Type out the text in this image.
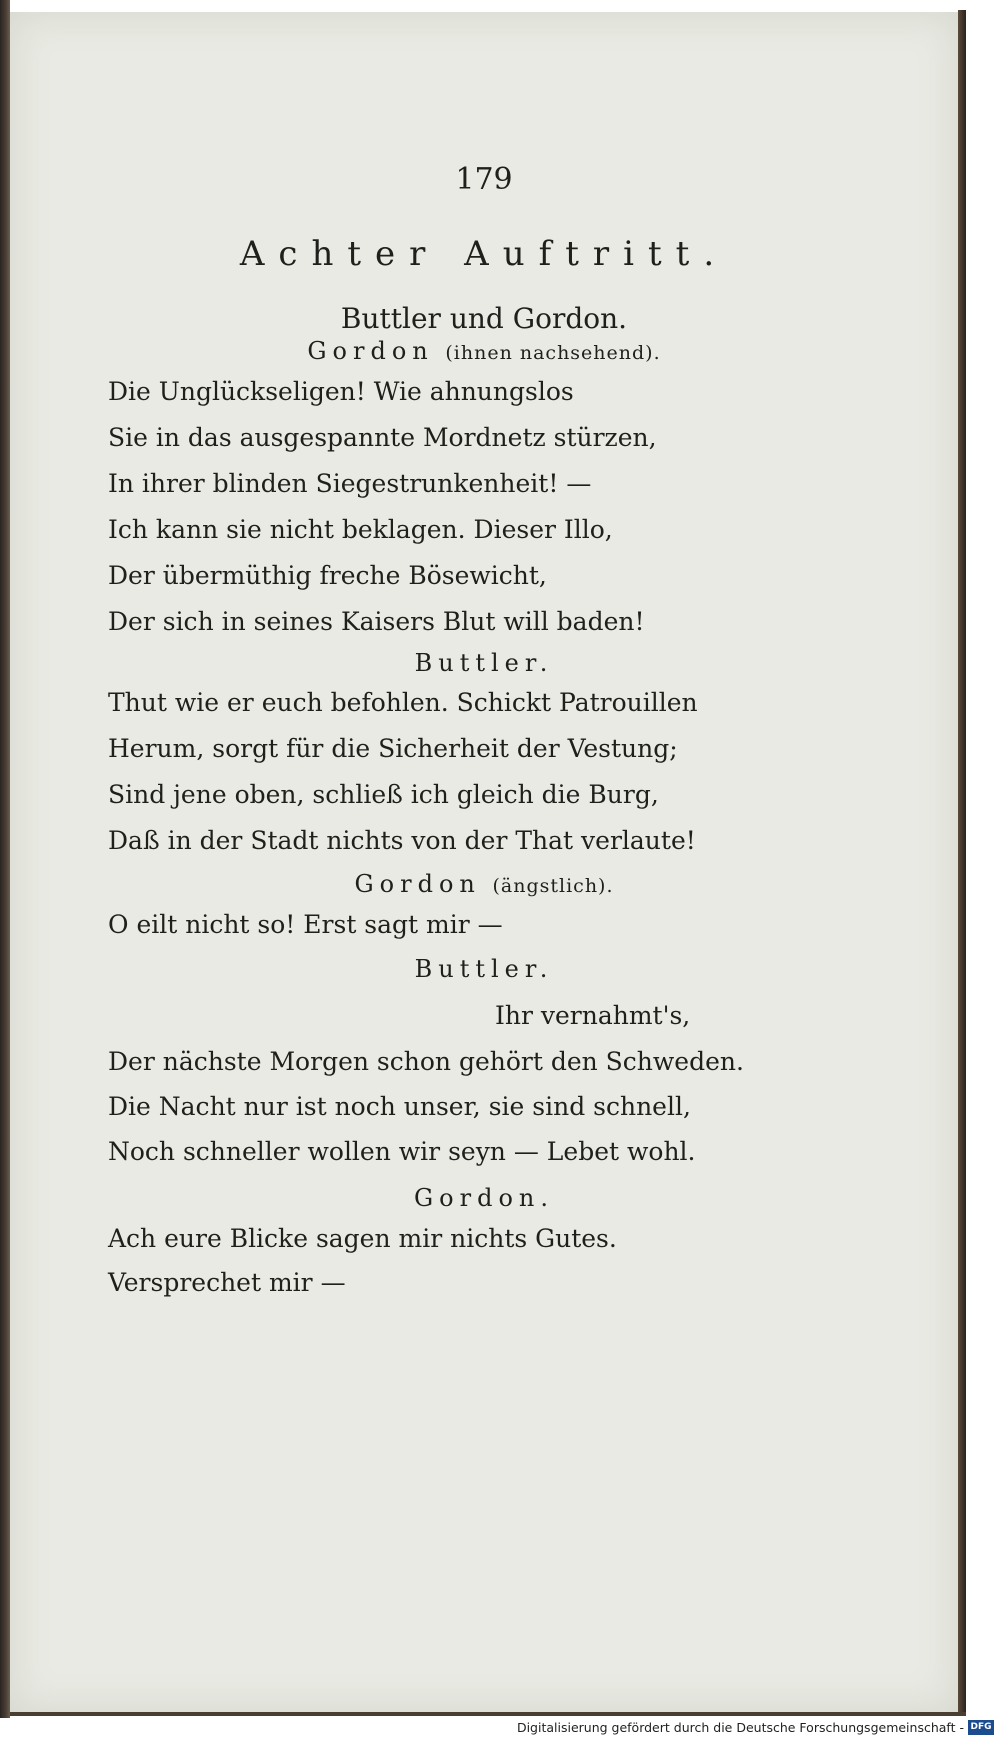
179
Achter Auftritt.
Buttler und Gordon.
Gordon (ihnen nachsehend).
Die Unglückseligen! Wie ahnungslos
Sie in das ausgespannte Mordnetz stürzen,
In ihrer blinden Siegestrunkenheit! —
Ich kann sie nicht beklagen. Dieser Illo,
Der übermüthig freche Bösewicht,
Der sich in seines Kaisers Blut will baden!
Buttler.
Thut wie er euch befohlen. Schickt Patrouillen
Herum, sorgt für die Sicherheit der Vestung;
Sind jene oben, schließ ich gleich die Burg,
Daß in der Stadt nichts von der That verlaute!
Gordon (ängstlich).
O eilt nicht so! Erst sagt mir —
Buttler.
Ihr vernahmt's,
Der nächste Morgen schon gehört den Schweden.
Die Nacht nur ist noch unser, sie sind schnell,
Noch schneller wollen wir seyn — Lebet wohl.
Gordon.
Ach eure Blicke sagen mir nichts Gutes.
Versprechet mir —
Digitalisierung gefördert durch die Deutsche Forschungsgemeinschaft - DFG
